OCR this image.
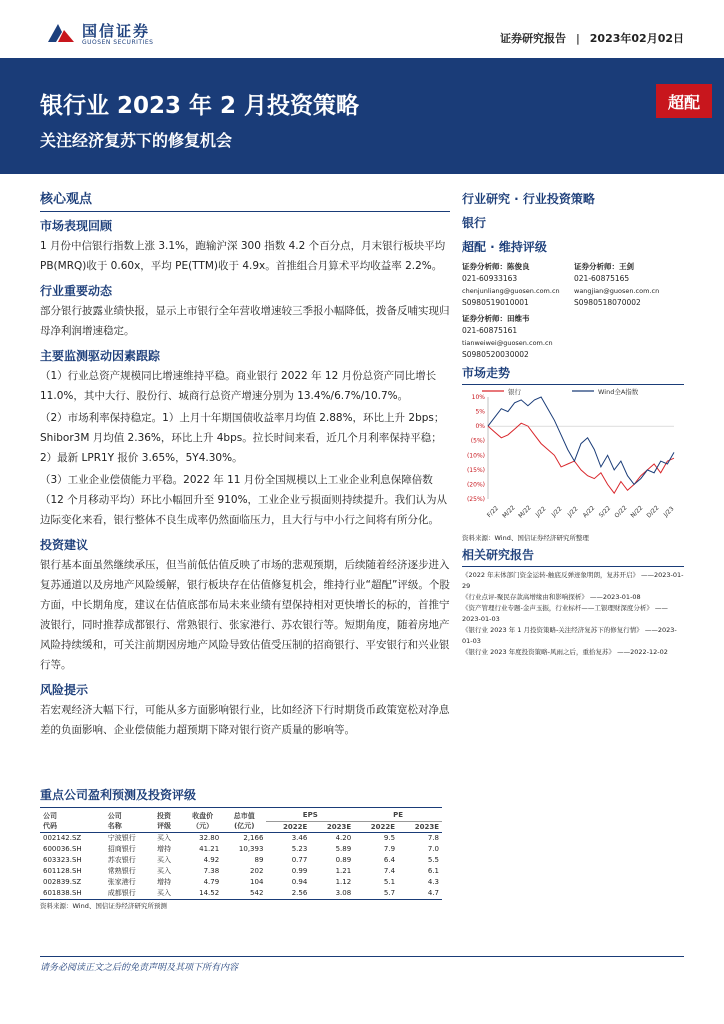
国信证券
GUOSEN SECURITIES	证券研究报告 | 2023年02月02日
银行业 2023 年 2 月投资策略
关注经济复苏下的修复机会
超配
核心观点
市场表现回顾
1 月份中信银行指数上涨 3.1%，跑输沪深 300 指数 4.2 个百分点，月末银行板块平均 PB(MRQ)收于 0.60x，平均 PE(TTM)收于 4.9x。首推组合月算术平均收益率 2.2%。
行业重要动态
部分银行披露业绩快报，显示上市银行全年营收增速较三季报小幅降低，拨备反哺实现归母净利润增速稳定。
主要监测驱动因素跟踪
（1）行业总资产规模同比增速维持平稳。商业银行 2022 年 12 月份总资产同比增长 11.0%，其中大行、股份行、城商行总资产增速分别为 13.4%/6.7%/10.7%。
（2）市场利率保持稳定。1）上月十年期国债收益率月均值 2.88%，环比上升 2bps；Shibor3M 月均值 2.36%，环比上升 4bps。拉长时间来看，近几个月利率保持平稳；2）最新 LPR1Y 报价 3.65%，5Y4.30%。
（3）工业企业偿债能力平稳。2022 年 11 月份全国规模以上工业企业利息保障倍数（12 个月移动平均）环比小幅回升至 910%，工业企业亏损面则持续提升。我们认为从边际变化来看，银行整体不良生成率仍然面临压力，且大行与中小行之间将有所分化。
投资建议
银行基本面虽然继续承压，但当前低估值反映了市场的悲观预期，后续随着经济逐步进入复苏通道以及房地产风险缓解，银行板块存在估值修复机会，维持行业“超配”评级。个股方面，中长期角度，建议在估值底部布局未来业绩有望保持相对更快增长的标的，首推宁波银行，同时推荐成都银行、常熟银行、张家港行、苏农银行等。短期角度，随着房地产风险持续缓和，可关注前期因房地产风险导致估值受压制的招商银行、平安银行和兴业银行等。
风险提示
若宏观经济大幅下行，可能从多方面影响银行业，比如经济下行时期货币政策宽松对净息差的负面影响、企业偿债能力超预期下降对银行资产质量的影响等。
重点公司盈利预测及投资评级
公司	公司	投资	收盘价	总市值	EPS		PE	
代码	名称	评级	（元）	(亿元)	2022E	2023E	2022E	2023E
002142.SZ	宁波银行	买入	32.80	2,166	3.46	4.20	9.5	7.8
600036.SH	招商银行	增持	41.21	10,393	5.23	5.89	7.9	7.0
603323.SH	苏农银行	买入	4.92	89	0.77	0.89	6.4	5.5
601128.SH	常熟银行	买入	7.38	202	0.99	1.21	7.4	6.1
002839.SZ	张家港行	增持	4.79	104	0.94	1.12	5.1	4.3
601838.SH	成都银行	买入	14.52	542	2.56	3.08	5.7	4.7
资料来源：Wind、国信证券经济研究所预测
行业研究 · 行业投资策略
银行
超配 · 维持评级
证券分析师：陈俊良
021-60933163
chenjunliang@guosen.com.cn
S0980519010001
证券分析师：王剑
021-60875165
wangjian@guosen.com.cn
S0980518070002
证券分析师：田维韦
021-60875161
tianweiwei@guosen.com.cn
S0980520030002
市场走势
银行	Wind全A指数
10%
5%
0%
(5%)
(10%)
(15%)
(20%)
(25%)
F/22 M/22 M/22 J/22 J/22 J/22 A/22 S/22 O/22 N/22 D/22 J/23
资料来源：Wind、国信证券经济研究所整理
相关研究报告
《2022 年末体部门资金运转-触底反弹迹象明朗，复苏开启》 ——2023-01-29
《行业点评-聚民存款高增缘由和影响探析》 ——2023-01-08
《资产管理行业专题-金声玉振，行业标杆——工银理财深度分析》 ——2023-01-03
《银行业 2023 年 1 月投资策略-关注经济复苏下的修复行情》 ——2023-01-03
《银行业 2023 年度投资策略-风雨之后，重拾复苏》 ——2022-12-02
请务必阅读正文之后的免责声明及其项下所有内容
